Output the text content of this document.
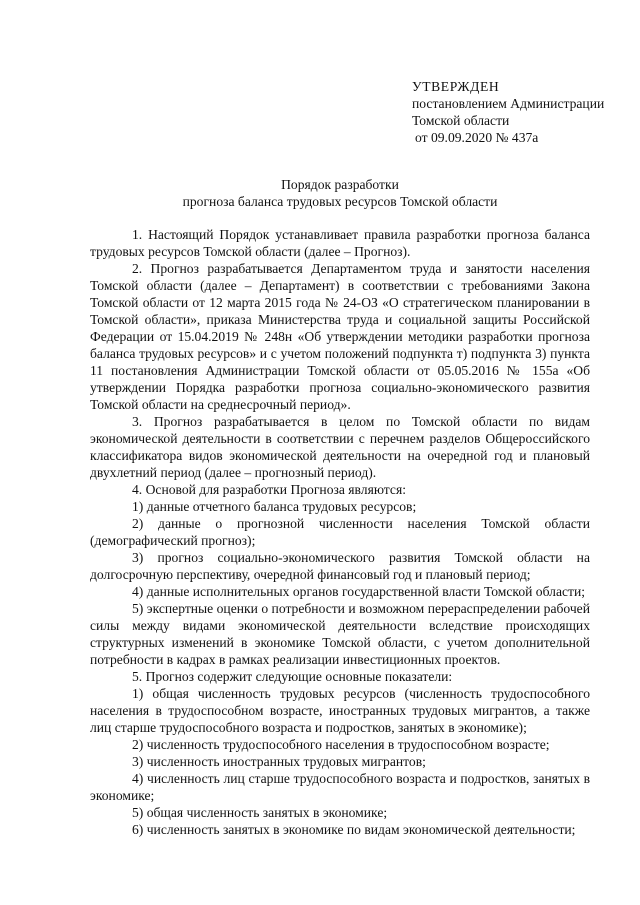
УТВЕРЖДЕН
постановлением Администрации
Томской области
от 09.09.2020 № 437а
Порядок разработки
прогноза баланса трудовых ресурсов Томской области

1. Настоящий Порядок устанавливает правила разработки прогноза баланса трудовых ресурсов Томской области (далее – Прогноз).

2. Прогноз разрабатывается Департаментом труда и занятости населения Томской области (далее – Департамент) в соответствии с требованиями Закона Томской области от 12 марта 2015 года № 24-ОЗ «О стратегическом планировании в Томской области», приказа Министерства труда и социальной защиты Российской Федерации от 15.04.2019 № 248н «Об утверждении методики разработки прогноза баланса трудовых ресурсов» и с учетом положений подпункта т) подпункта 3) пункта 11 постановления Администрации Томской области от 05.05.2016 № 155а «Об утверждении Порядка разработки прогноза социально-экономического развития Томской области на среднесрочный период».

3. Прогноз разрабатывается в целом по Томской области по видам экономической деятельности в соответствии с перечнем разделов Общероссийского классификатора видов экономической деятельности на очередной год и плановый двухлетний период (далее – прогнозный период).

4. Основой для разработки Прогноза являются:

1) данные отчетного баланса трудовых ресурсов;

2) данные о прогнозной численности населения Томской области (демографический прогноз);

3) прогноз социально-экономического развития Томской области на долгосрочную перспективу, очередной финансовый год и плановый период;

4) данные исполнительных органов государственной власти Томской области;

5) экспертные оценки о потребности и возможном перераспределении рабочей силы между видами экономической деятельности вследствие происходящих структурных изменений в экономике Томской области, с учетом дополнительной потребности в кадрах в рамках реализации инвестиционных проектов.

5. Прогноз содержит следующие основные показатели:

1) общая численность трудовых ресурсов (численность трудоспособного населения в трудоспособном возрасте, иностранных трудовых мигрантов, а также лиц старше трудоспособного возраста и подростков, занятых в экономике);

2) численность трудоспособного населения в трудоспособном возрасте;

3) численность иностранных трудовых мигрантов;

4) численность лиц старше трудоспособного возраста и подростков, занятых в экономике;

5) общая численность занятых в экономике;

6) численность занятых в экономике по видам экономической деятельности;
